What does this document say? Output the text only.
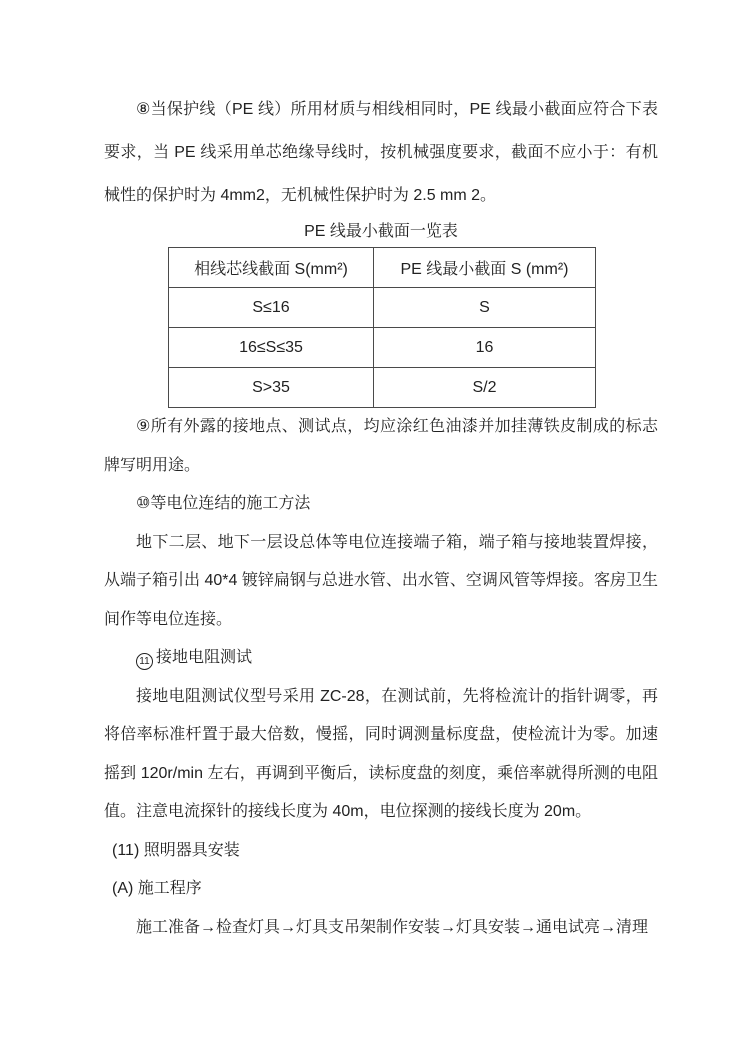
⑧当保护线（PE 线）所用材质与相线相同时，PE 线最小截面应符合下表要求，当 PE 线采用单芯绝缘导线时，按机械强度要求，截面不应小于：有机械性的保护时为 4mm2，无机械性保护时为 2.5 mm 2。

PE 线最小截面一览表
相线芯线截面 S(mm²)	PE 线最小截面 S (mm²)
S≤16	S
16≤S≤35	16
S>35	S/2

⑨所有外露的接地点、测试点，均应涂红色油漆并加挂薄铁皮制成的标志牌写明用途。

⑩等电位连结的施工方法

地下二层、地下一层设总体等电位连接端子箱，端子箱与接地装置焊接，从端子箱引出 40*4 镀锌扁钢与总进水管、出水管、空调风管等焊接。客房卫生间作等电位连接。

11 接地电阻测试

接地电阻测试仪型号采用 ZC-28，在测试前，先将检流计的指针调零，再将倍率标准杆置于最大倍数，慢摇，同时调测量标度盘，使检流计为零。加速摇到 120r/min 左右，再调到平衡后，读标度盘的刻度，乘倍率就得所测的电阻值。注意电流探针的接线长度为 40m，电位探测的接线长度为 20m。

(11) 照明器具安装

(A) 施工程序

施工准备→检查灯具→灯具支吊架制作安装→灯具安装→通电试亮→清理
